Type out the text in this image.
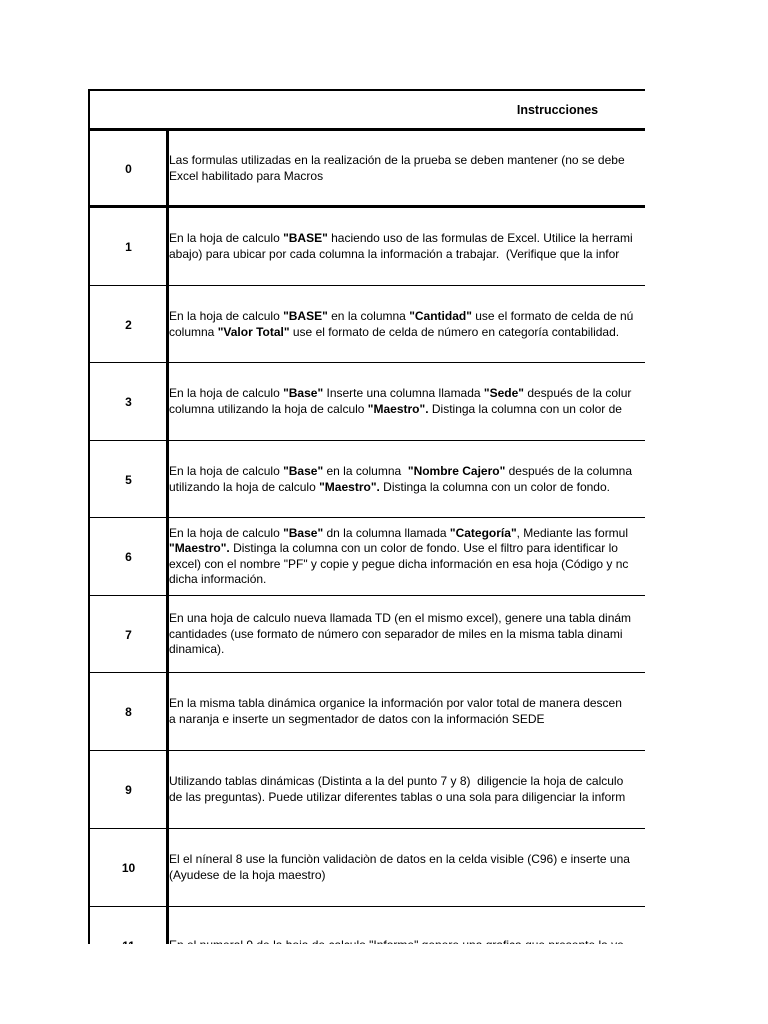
Instrucciones
0
Las formulas utilizadas en la realización de la prueba se deben mantener (no se debe
Excel habilitado para Macros
1
En la hoja de calculo "BASE" haciendo uso de las formulas de Excel. Utilice la herrami
abajo) para ubicar por cada columna la información a trabajar.  (Verifique que la infor
2
En la hoja de calculo "BASE" en la columna "Cantidad" use el formato de celda de nú
columna "Valor Total" use el formato de celda de número en categoría contabilidad.
3
En la hoja de calculo "Base" Inserte una columna llamada "Sede" después de la colur
columna utilizando la hoja de calculo "Maestro". Distinga la columna con un color de
5
En la hoja de calculo "Base" en la columna  "Nombre Cajero" después de la columna
utilizando la hoja de calculo "Maestro". Distinga la columna con un color de fondo.
6
En la hoja de calculo "Base" dn la columna llamada "Categoría", Mediante las formul
"Maestro". Distinga la columna con un color de fondo. Use el filtro para identificar lo
excel) con el nombre "PF" y copie y pegue dicha información en esa hoja (Código y nc
dicha información.
7
En una hoja de calculo nueva llamada TD (en el mismo excel), genere una tabla dinám
cantidades (use formato de número con separador de miles en la misma tabla dinami
dinamica).
8
En la misma tabla dinámica organice la información por valor total de manera descen
a naranja e inserte un segmentador de datos con la información SEDE
9
Utilizando tablas dinámicas (Distinta a la del punto 7 y 8)  diligencie la hoja de calculo
de las preguntas). Puede utilizar diferentes tablas o una sola para diligenciar la inform
10
El el níneral 8 use la funciòn validaciòn de datos en la celda visible (C96) e inserte una
(Ayudese de la hoja maestro)
